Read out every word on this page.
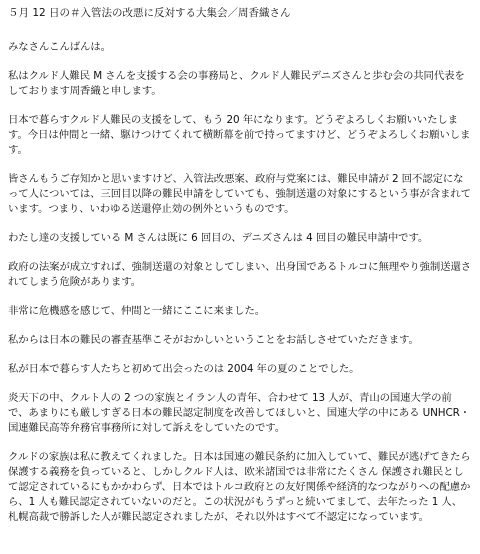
５月 12 日の＃入管法の改悪に反対する大集会／周香織さん

みなさんこんばんは。

私はクルド人難民 M さんを支援する会の事務局と、クルド人難民デニズさんと歩む会の共同代表をしております周香織と申します。

日本で暮らすクルド人難民の支援をして、もう 20 年になります。どうぞよろしくお願いいたします。今日は仲間と一緒、駆けつけてくれて横断幕を前で持ってますけど、どうぞよろしくお願いします。

皆さんもうご存知かと思いますけど、入管法改悪案、政府与党案には、難民申請が 2 回不認定になって人については、三回目以降の難民申請をしていても、強制送還の対象にするという事が含まれています。つまり、いわゆる送還停止効の例外というものです。

わたし達の支援している M さんは既に 6 回目の、デニズさんは 4 回目の難民申請中です。

政府の法案が成立すれば、強制送還の対象としてしまい、出身国であるトルコに無理やり強制送還されてしまう危険があります。

非常に危機感を感じて、仲間と一緒にここに来ました。

私からは日本の難民の審査基準こそがおかしいということをお話しさせていただきます。

私が日本で暮らす人たちと初めて出会ったのは 2004 年の夏のことでした。

炎天下の中、クルト人の 2 つの家族とイラン人の青年、合わせて 13 人が、青山の国連大学の前で、あまりにも厳しすぎる日本の難民認定制度を改善してほしいと、国連大学の中にある UNHCR・国連難民高等弁務官事務所に対して訴えをしていたのです。

クルドの家族は私に教えてくれました。日本は国連の難民条約に加入していて、難民が逃げてきたら保護する義務を負っていると、しかしクルド人は、欧米諸国では非常にたくさん 保護され難民として認定されているにもかかわらず、日本ではトルコ政府との友好関係や経済的なつながりへの配慮から、1 人も難民認定されていないのだと。この状況がもうずっと続いてまして、去年たった 1 人、札幌高裁で勝訴した人が難民認定されましたが、それ以外はすべて不認定になっています。
